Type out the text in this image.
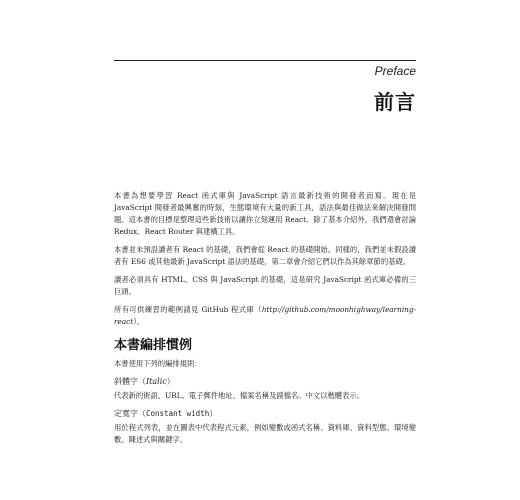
Preface
前言

本書為想要學習 React 函式庫與 JavaScript 語言最新技術的開發者而寫。現在是 JavaScript 開發者最興奮的時刻，生態環境有大量的新工具，語法與最佳做法來解決開發問題。這本書的目標是整理這些新技術以讓你立刻運用 React。除了基本介紹外，我們還會討論 Redux、React Router 與建構工具。

本書並未預設讀者有 React 的基礎，我們會從 React 的基礎開始。同樣的，我們並未假設讀者有 ES6 或其他最新 JavaScript 語法的基礎，第二章會介紹它們以作為其餘章節的基礎。

讀者必須具有 HTML、CSS 與 JavaScript 的基礎，這是研究 JavaScript 函式庫必備的三巨頭。

所有可供練習的範例請見 GitHub 程式庫（http://github.com/moonhighway/learning-react）。

本書編排慣例

本書使用下列的編排規則：

斜體字（Italic）

代表新的術語、URL、電子郵件地址、檔案名稱及副檔名。中文以楷體表示。

定寬字（Constant width）

用於程式列表，並在圖表中代表程式元素，例如變數或函式名稱、資料庫、資料型態、環境變數、陳述式與關鍵字。
